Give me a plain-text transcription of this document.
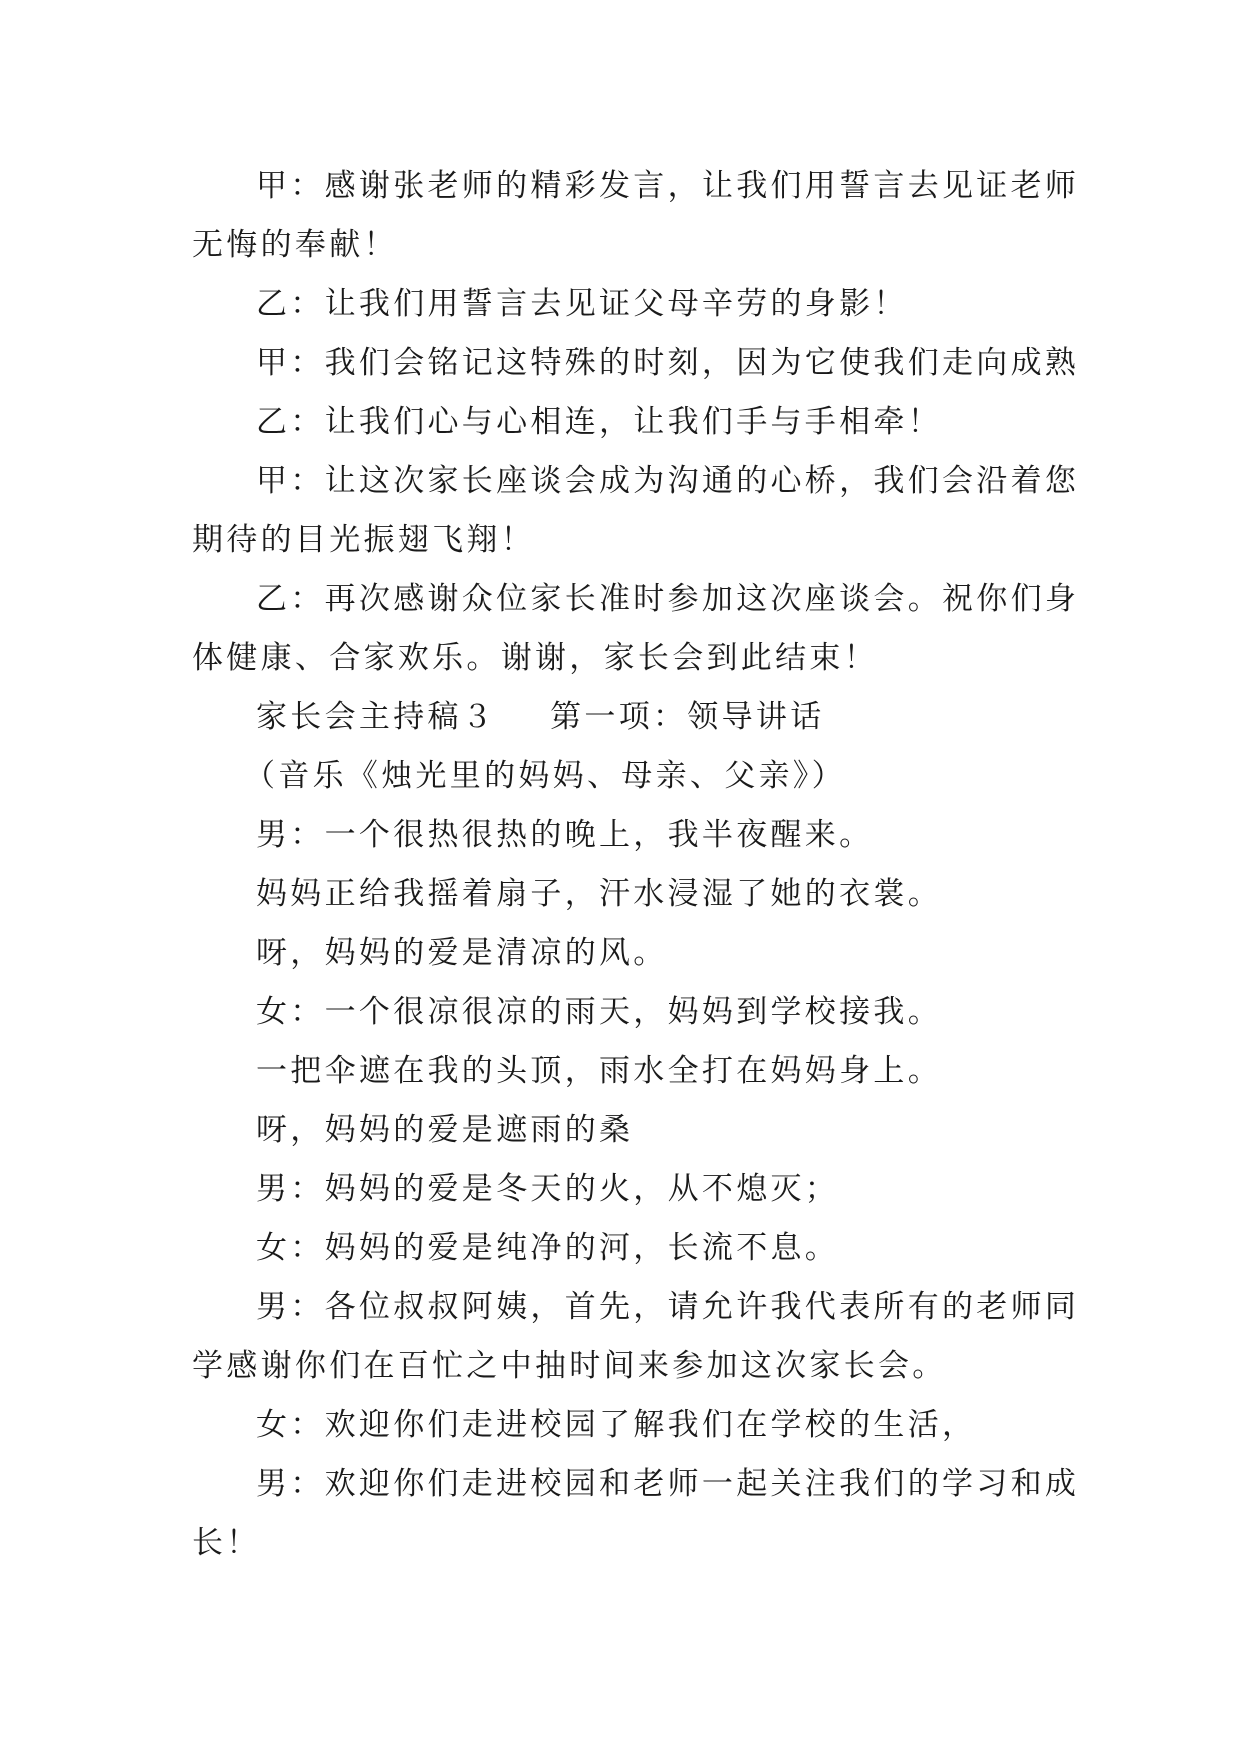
甲：感谢张老师的精彩发言，让我们用誓言去见证老师
无悔的奉献！
乙：让我们用誓言去见证父母辛劳的身影！
甲：我们会铭记这特殊的时刻，因为它使我们走向成熟
乙：让我们心与心相连，让我们手与手相牵！
甲：让这次家长座谈会成为沟通的心桥，我们会沿着您
期待的目光振翅飞翔！
乙：再次感谢众位家长准时参加这次座谈会。祝你们身
体健康、合家欢乐。谢谢，家长会到此结束！
家长会主持稿３ 第一项：领导讲话
（音乐《烛光里的妈妈、母亲、父亲》）
男：一个很热很热的晚上，我半夜醒来。
妈妈正给我摇着扇子，汗水浸湿了她的衣裳。
呀，妈妈的爱是清凉的风。
女：一个很凉很凉的雨天，妈妈到学校接我。
一把伞遮在我的头顶，雨水全打在妈妈身上。
呀，妈妈的爱是遮雨的桑
男：妈妈的爱是冬天的火，从不熄灭；
女：妈妈的爱是纯净的河，长流不息。
男：各位叔叔阿姨，首先，请允许我代表所有的老师同
学感谢你们在百忙之中抽时间来参加这次家长会。
女：欢迎你们走进校园了解我们在学校的生活，
男：欢迎你们走进校园和老师一起关注我们的学习和成
长！
